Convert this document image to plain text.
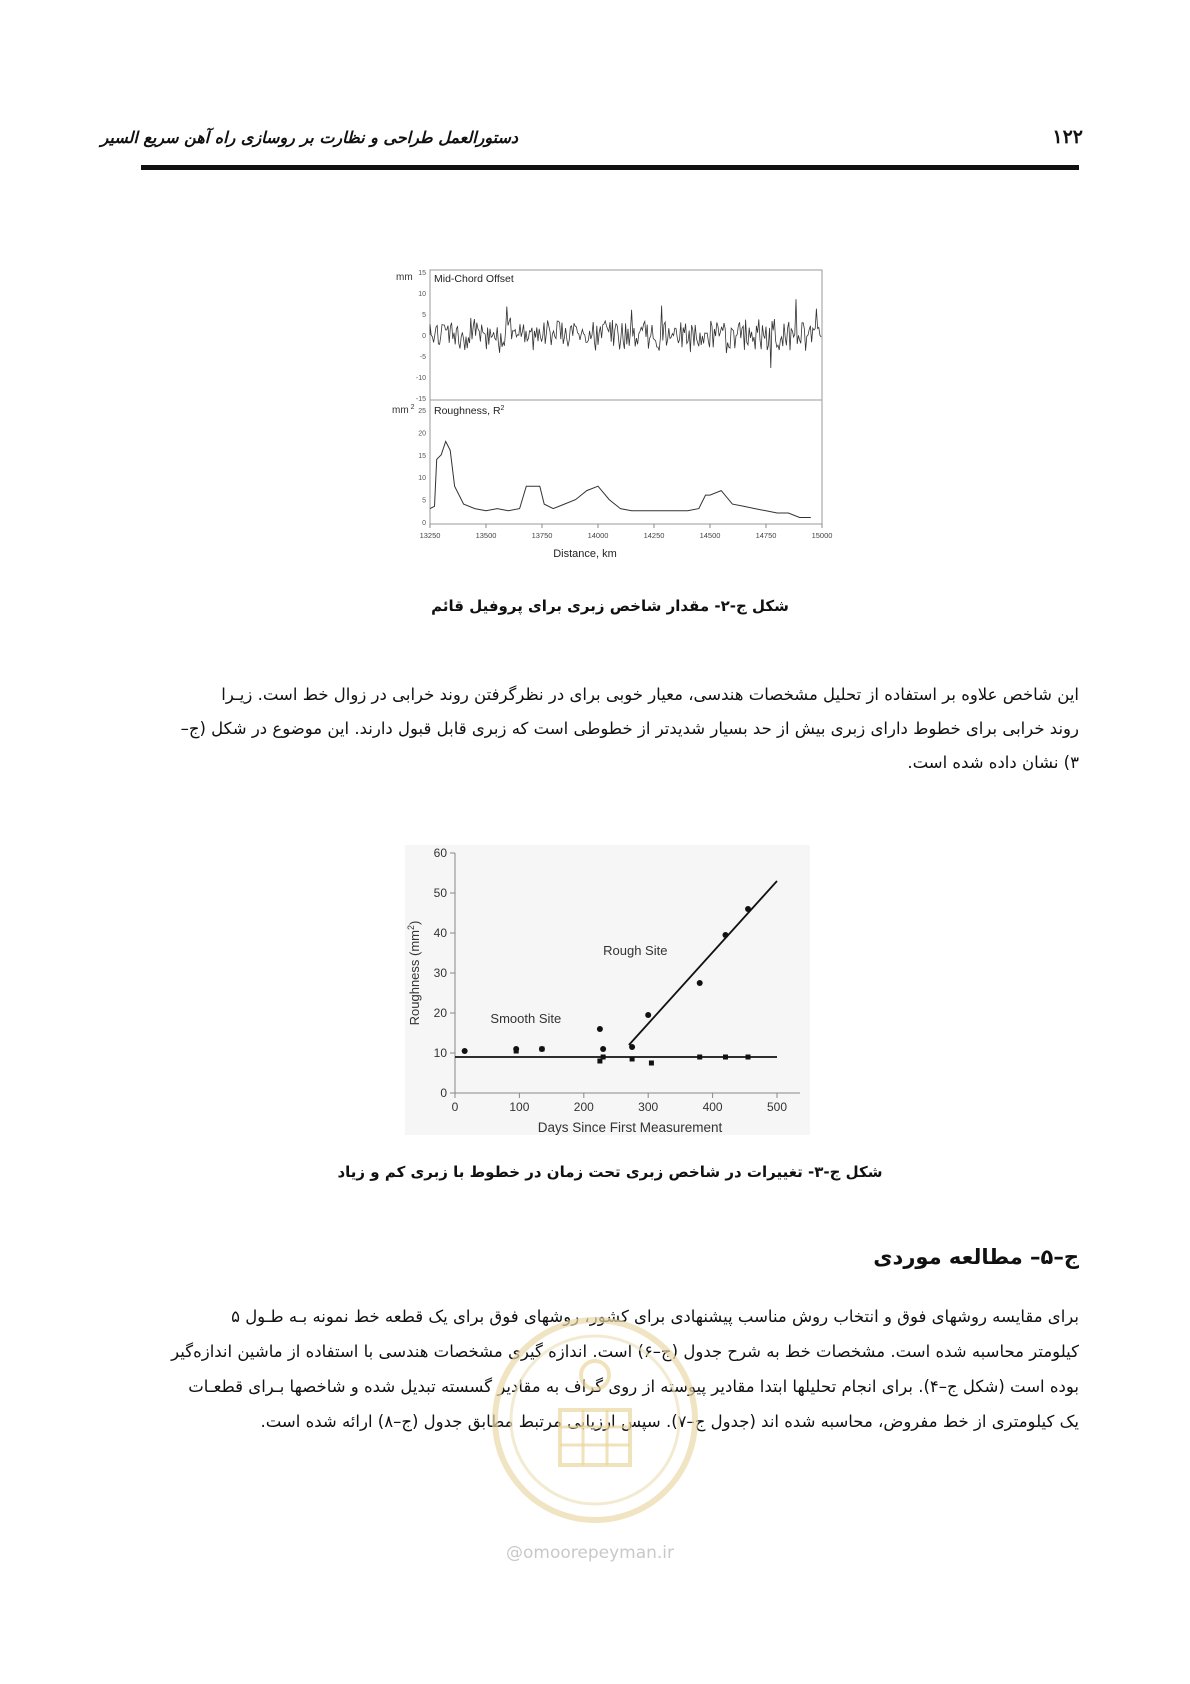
دستورالعمل طراحی و نظارت بر روسازی راه آهن سریع السیر	۱۲۲
mm Mid-Chord Offset
15
10
5
0
-5
-10
-15
mm $^2$ Roughness, $R^2$
25
20
15
10
5
0
13250	13500	13750	14000	14250	14500	14750	15000
Distance, km
شکل ج-۲- مقدار شاخص زبری برای پروفیل قائم
این شاخص علاوه بر استفاده از تحلیل مشخصات هندسی، معیار خوبی برای در نظرگرفتن روند خرابی در زوال خط است. زیـرا
روند خرابی برای خطوط دارای زبری بیش از حد بسیار شدیدتر از خطوطی است که زبری قابل قبول دارند. این موضوع در شکل (ج–
۳) نشان داده شده است.
0
10
20
30
40
50
60
0	100	200	300	400	500
Rough Site
Smooth Site
Days Since First Measurement
Roughness $(mm^2)$
شکل ج-۳- تغییرات در شاخص زبری تحت زمان در خطوط با زبری کم و زیاد
ج–۵– مطالعه موردی
برای مقایسه روشهای فوق و انتخاب روش مناسب پیشنهادی برای کشور، روشهای فوق برای یک قطعه خط نمونه بـه طـول ۵
کیلومتر محاسبه شده است. مشخصات خط به شرح جدول (ج–۶) است. اندازه گیری مشخصات هندسی با استفاده از ماشین اندازه‌گیر
بوده است (شکل ج–۴). برای انجام تحلیلها ابتدا مقادیر پیوسته از روی گراف به مقادیر گسسته تبدیل شده و شاخصها بـرای قطعـات
یک کیلومتری از خط مفروض، محاسبه شده اند (جدول ج–۷). سپس ارزیابی مرتبط مطابق جدول (ج–۸) ارائه شده است.
@omoorepeyman.ir
